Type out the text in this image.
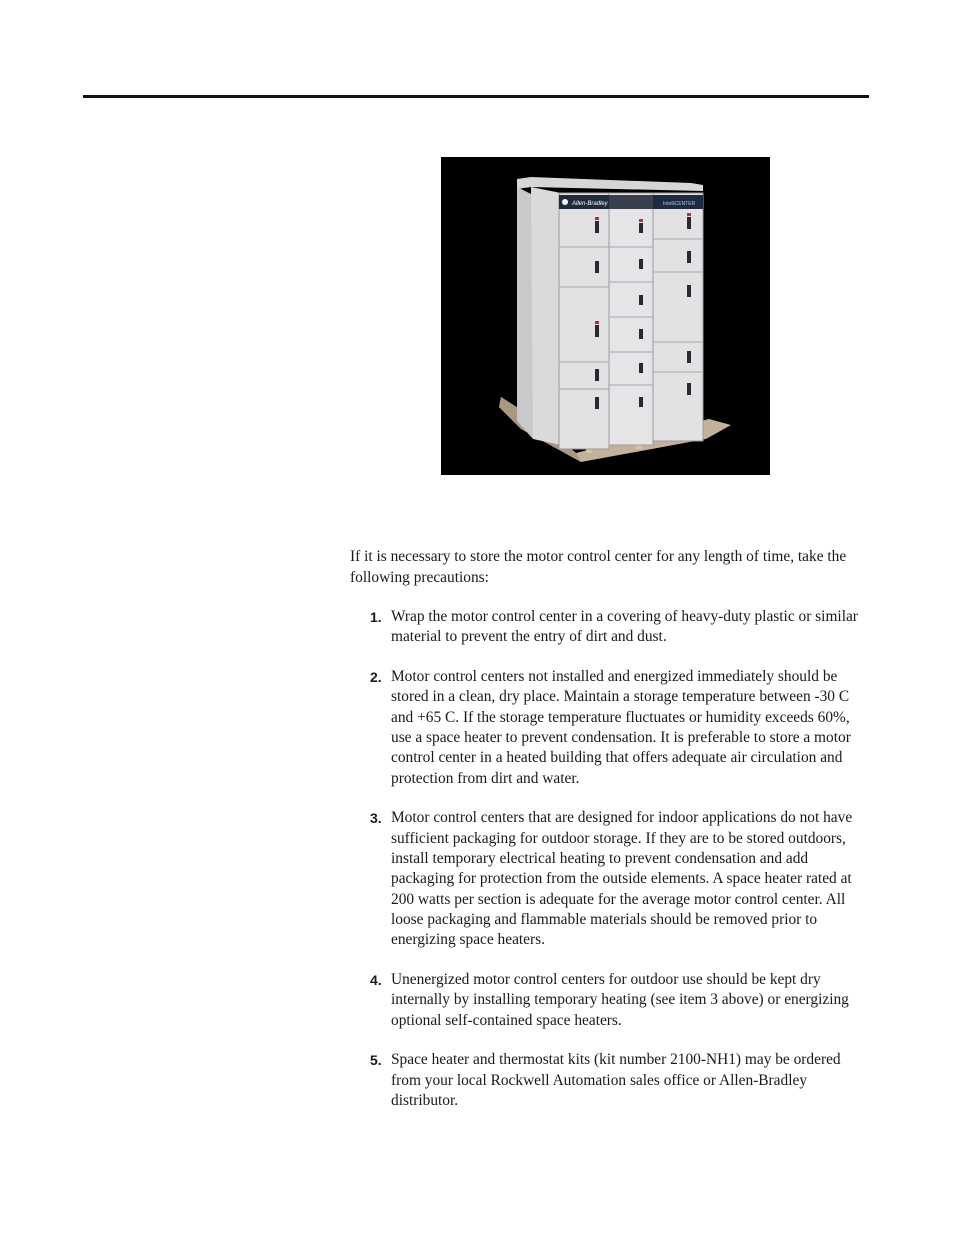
Allen-Bradley	IntelliCENTER

If it is necessary to store the motor control center for any length of time, take the following precautions:

1. Wrap the motor control center in a covering of heavy-duty plastic or similar material to prevent the entry of dirt and dust.
2. Motor control centers not installed and energized immediately should be stored in a clean, dry place. Maintain a storage temperature between -30 C and +65 C. If the storage temperature fluctuates or humidity exceeds 60%, use a space heater to prevent condensation. It is preferable to store a motor control center in a heated building that offers adequate air circulation and protection from dirt and water.
3. Motor control centers that are designed for indoor applications do not have sufficient packaging for outdoor storage. If they are to be stored outdoors, install temporary electrical heating to prevent condensation and add packaging for protection from the outside elements. A space heater rated at 200 watts per section is adequate for the average motor control center. All loose packaging and flammable materials should be removed prior to energizing space heaters.
4. Unenergized motor control centers for outdoor use should be kept dry internally by installing temporary heating (see item 3 above) or energizing optional self-contained space heaters.
5. Space heater and thermostat kits (kit number 2100-NH1) may be ordered from your local Rockwell Automation sales office or Allen-Bradley distributor.
